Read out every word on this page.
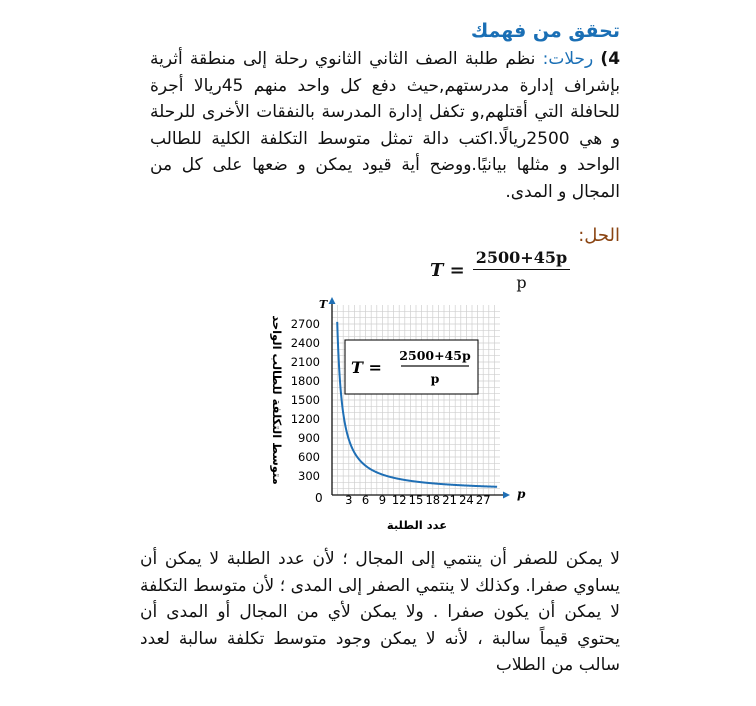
تحقق من فهمك
4) رحلات: نظم طلبة الصف الثاني الثانوي رحلة إلى منطقة أثرية بإشراف إدارة مدرستهم,حيث دفع كل واحد منهم 45ريالا أجرة للحافلة التي أقتلهم,و تكفل إدارة المدرسة بالنفقات الأخرى للرحلة و هي 2500ريالًا.اكتب دالة تمثل متوسط التكلفة الكلية للطالب الواحد و مثلها بيانيًا.ووضح أية قيود يمكن و ضعها على كل من المجال و المدى.
الحل:
$T = \frac{2500+45p}{p}$
p
T
0 3 6 9 12 15 18 21 24 27
300
600
900
1200
1500
1800
2100
2400
2700
عدد الطلبة
متوسط التكلفة للطالب الواحد	T =
2500+45p
p
لا يمكن للصفر أن ينتمي إلى المجال ؛ لأن عدد الطلبة لا يمكن أن يساوي صفرا. وكذلك لا ينتمي الصفر إلى المدى ؛ لأن متوسط التكلفة لا يمكن أن يكون صفرا . ولا يمكن لأي من المجال أو المدى أن يحتوي قيماً سالبة ، لأنه لا يمكن وجود متوسط تكلفة سالبة لعدد سالب من الطلاب
